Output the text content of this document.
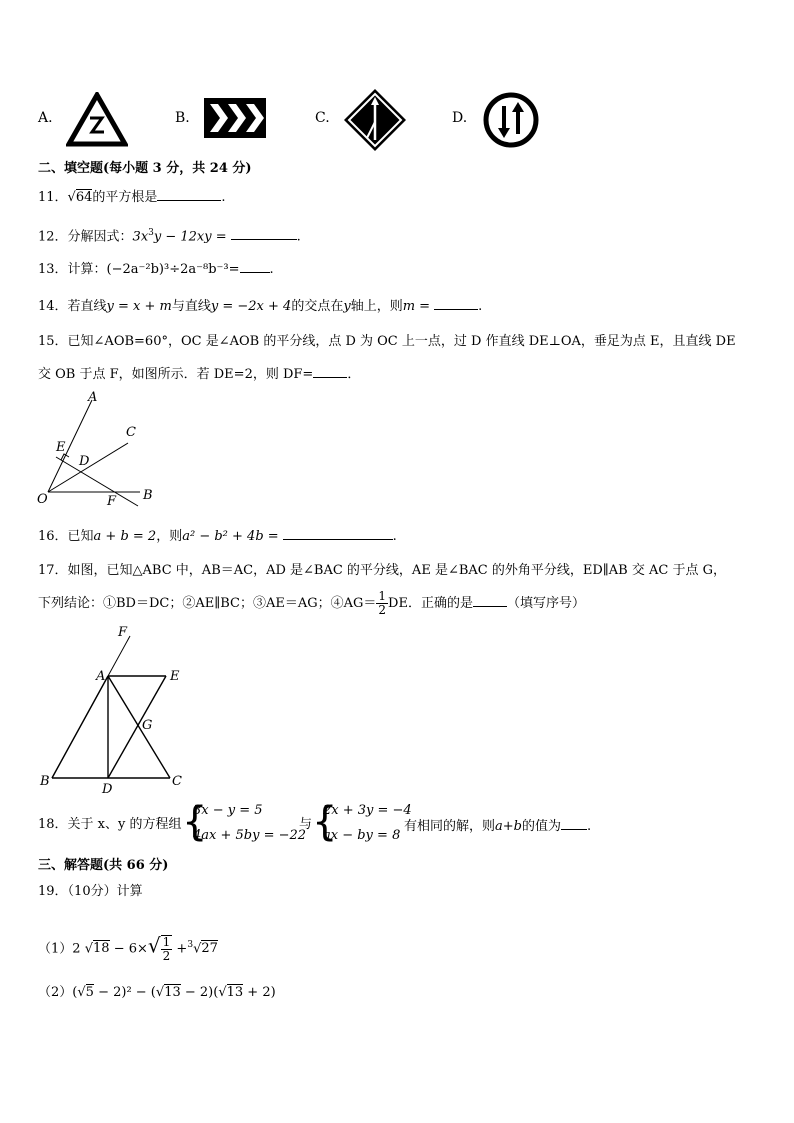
A.	B.	C.	D.
二、填空题(每小题 3 分，共 24 分)
11．√64的平方根是	.
12．分解因式：$3x^3y - 12xy$ =	.
13．计算：(−2a⁻²b)³÷2a⁻⁸b⁻³= .
14．若直线y = x + m与直线y = −2x + 4的交点在y轴上，则m =	.
15．已知∠AOB=60°，OC 是∠AOB 的平分线，点 D 为 OC 上一点，过 D 作直线 DE⊥OA，垂足为点 E，且直线 DE
交 OB 于点 F，如图所示．若 DE=2，则 DF=	．
A
C
E
D
O	F B
16．已知a + b = 2，则a² − b² + 4b =	.
17．如图，已知△ABC 中，AB＝AC，AD 是∠BAC 的平分线，AE 是∠BAC 的外角平分线，ED∥AB 交 AC 于点 G，
下列结论：①BD＝DC；②AE∥BC；③AE＝AG；④AG＝ $\frac{1}{2}$ DE．正确的是	（填写序号）
F
A	E
G
B
D
C
18．关于 x、y 的方程组 {
3x − y = 5
4ax + 5by = −22
与 {
2x + 3y = −4
ax − by = 8
有相同的解，则a+b的值为 .
三、解答题(共 66 分)
19．（10分）计算
（1）2 $√18 - 6\times√ \frac{1}{2} +^3√27$
（2）(√5 − 2)² − (√13 − 2)(√13 + 2)
